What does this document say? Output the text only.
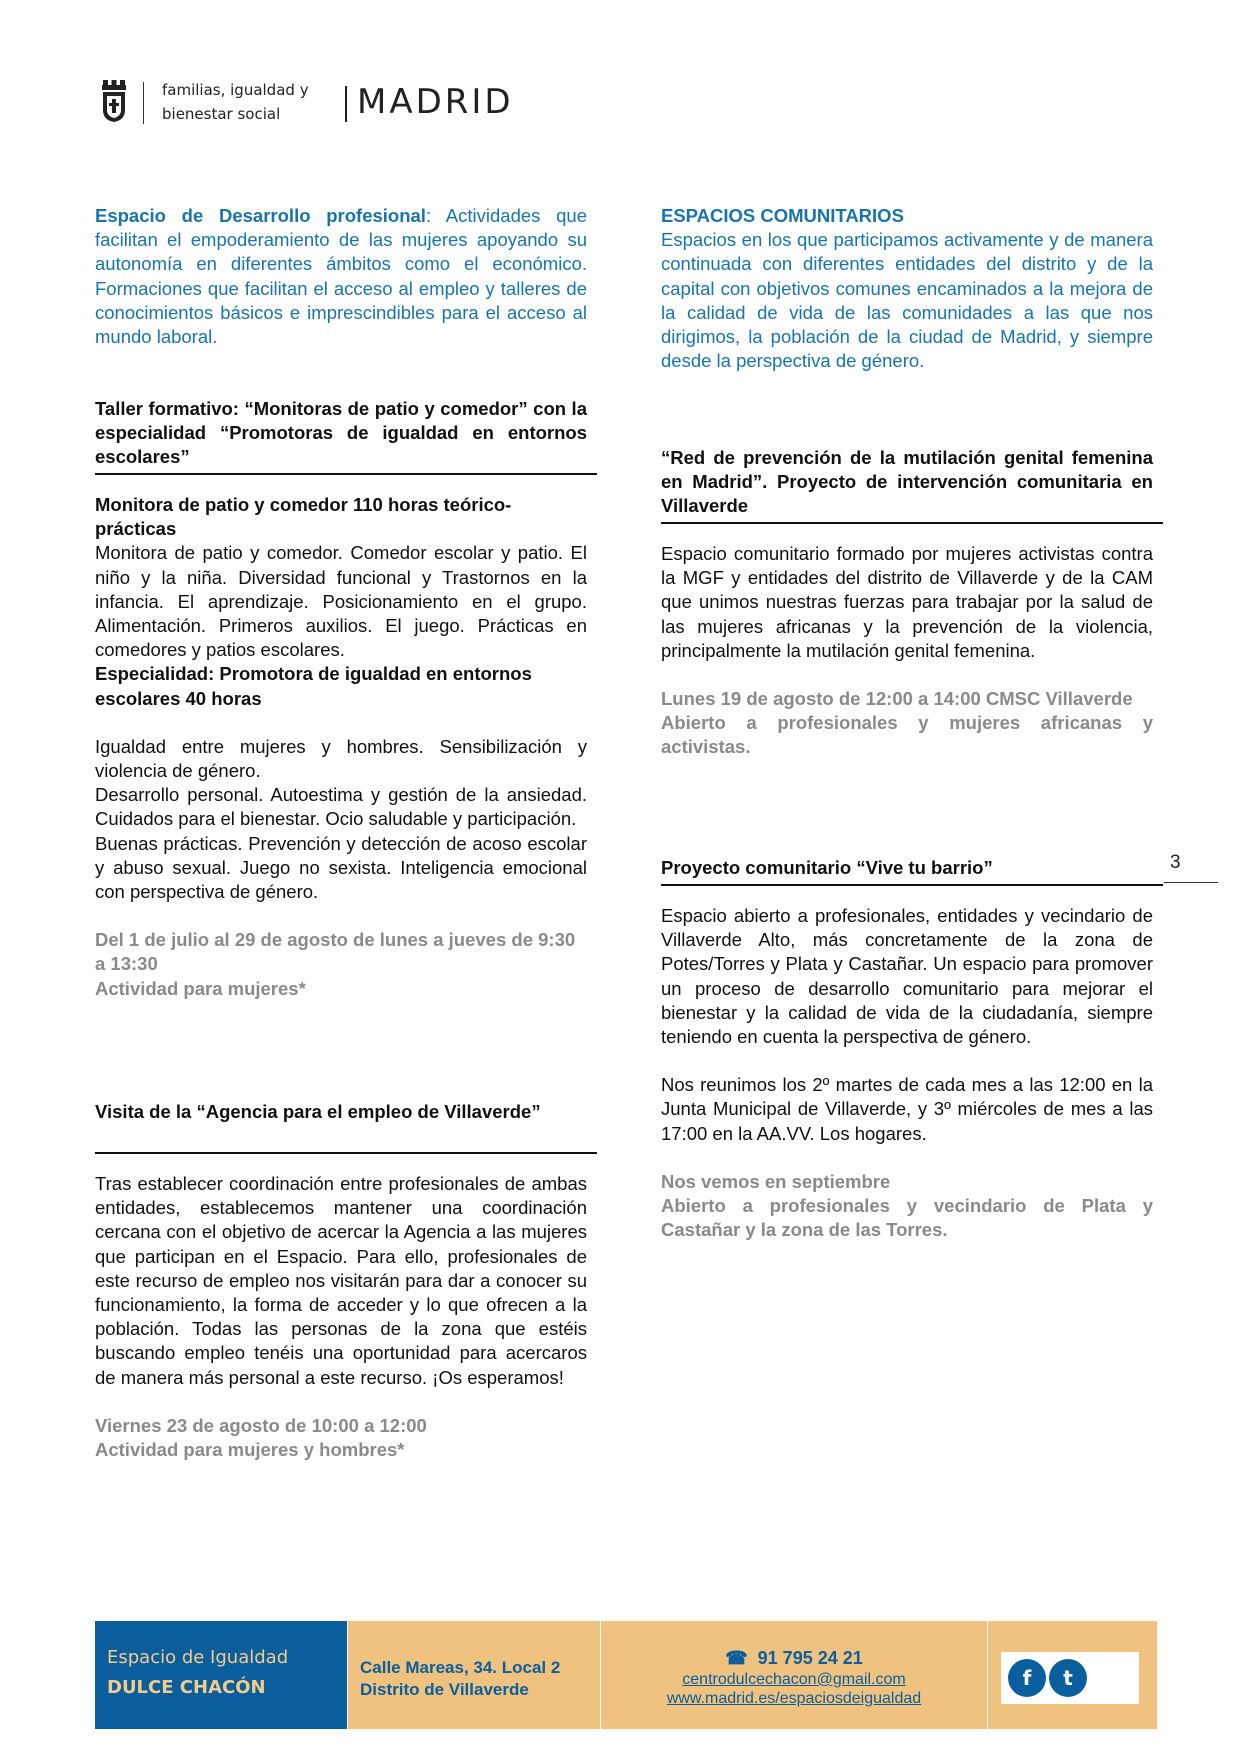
familias, igualdad y
bienestar social	MADRID

Espacio de Desarrollo profesional: Actividades que facilitan el empoderamiento de las mujeres apoyando su autonomía en diferentes ámbitos como el económico. Formaciones que facilitan el acceso al empleo y talleres de conocimientos básicos e imprescindibles para el acceso al mundo laboral.

Taller formativo: “Monitoras de patio y comedor” con la especialidad “Promotoras de igualdad en entornos escolares”

Monitora de patio y comedor 110 horas teórico-prácticas

Monitora de patio y comedor. Comedor escolar y patio. El niño y la niña. Diversidad funcional y Trastornos en la infancia. El aprendizaje. Posicionamiento en el grupo. Alimentación. Primeros auxilios. El juego. Prácticas en comedores y patios escolares.

Especialidad: Promotora de igualdad en entornos escolares 40 horas

Igualdad entre mujeres y hombres. Sensibilización y violencia de género.

Desarrollo personal. Autoestima y gestión de la ansiedad. Cuidados para el bienestar. Ocio saludable y participación.

Buenas prácticas. Prevención y detección de acoso escolar y abuso sexual. Juego no sexista. Inteligencia emocional con perspectiva de género.

Del 1 de julio al 29 de agosto de lunes a jueves de 9:30 a 13:30

Actividad para mujeres*

Visita de la “Agencia para el empleo de Villaverde”

Tras establecer coordinación entre profesionales de ambas entidades, establecemos mantener una coordinación cercana con el objetivo de acercar la Agencia a las mujeres que participan en el Espacio. Para ello, profesionales de este recurso de empleo nos visitarán para dar a conocer su funcionamiento, la forma de acceder y lo que ofrecen a la población. Todas las personas de la zona que estéis buscando empleo tenéis una oportunidad para acercaros de manera más personal a este recurso. ¡Os esperamos!

Viernes 23 de agosto de 10:00 a 12:00

Actividad para mujeres y hombres*

ESPACIOS COMUNITARIOS

Espacios en los que participamos activamente y de manera continuada con diferentes entidades del distrito y de la capital con objetivos comunes encaminados a la mejora de la calidad de vida de las comunidades a las que nos dirigimos, la población de la ciudad de Madrid, y siempre desde la perspectiva de género.

“Red de prevención de la mutilación genital femenina en Madrid”. Proyecto de intervención comunitaria en Villaverde

Espacio comunitario formado por mujeres activistas contra la MGF y entidades del distrito de Villaverde y de la CAM que unimos nuestras fuerzas para trabajar por la salud de las mujeres africanas y la prevención de la violencia, principalmente la mutilación genital femenina.

Lunes 19 de agosto de 12:00 a 14:00 CMSC Villaverde

Abierto a profesionales y mujeres africanas y activistas.

Proyecto comunitario “Vive tu barrio”	3

Espacio abierto a profesionales, entidades y vecindario de Villaverde Alto, más concretamente de la zona de Potes/Torres y Plata y Castañar. Un espacio para promover un proceso de desarrollo comunitario para mejorar el bienestar y la calidad de vida de la ciudadanía, siempre teniendo en cuenta la perspectiva de género.

Nos reunimos los 2º martes de cada mes a las 12:00 en la Junta Municipal de Villaverde, y 3º miércoles de mes a las 17:00 en la AA.VV. Los hogares.

Nos vemos en septiembre

Abierto a profesionales y vecindario de Plata y Castañar y la zona de las Torres.

Espacio de Igualdad
DULCE CHACÓN
Calle Mareas, 34. Local 2
Distrito de Villaverde
☎ 91 795 24 21
centrodulcechacon@gmail.com
www.madrid.es/espaciosdeigualdad
f	t
